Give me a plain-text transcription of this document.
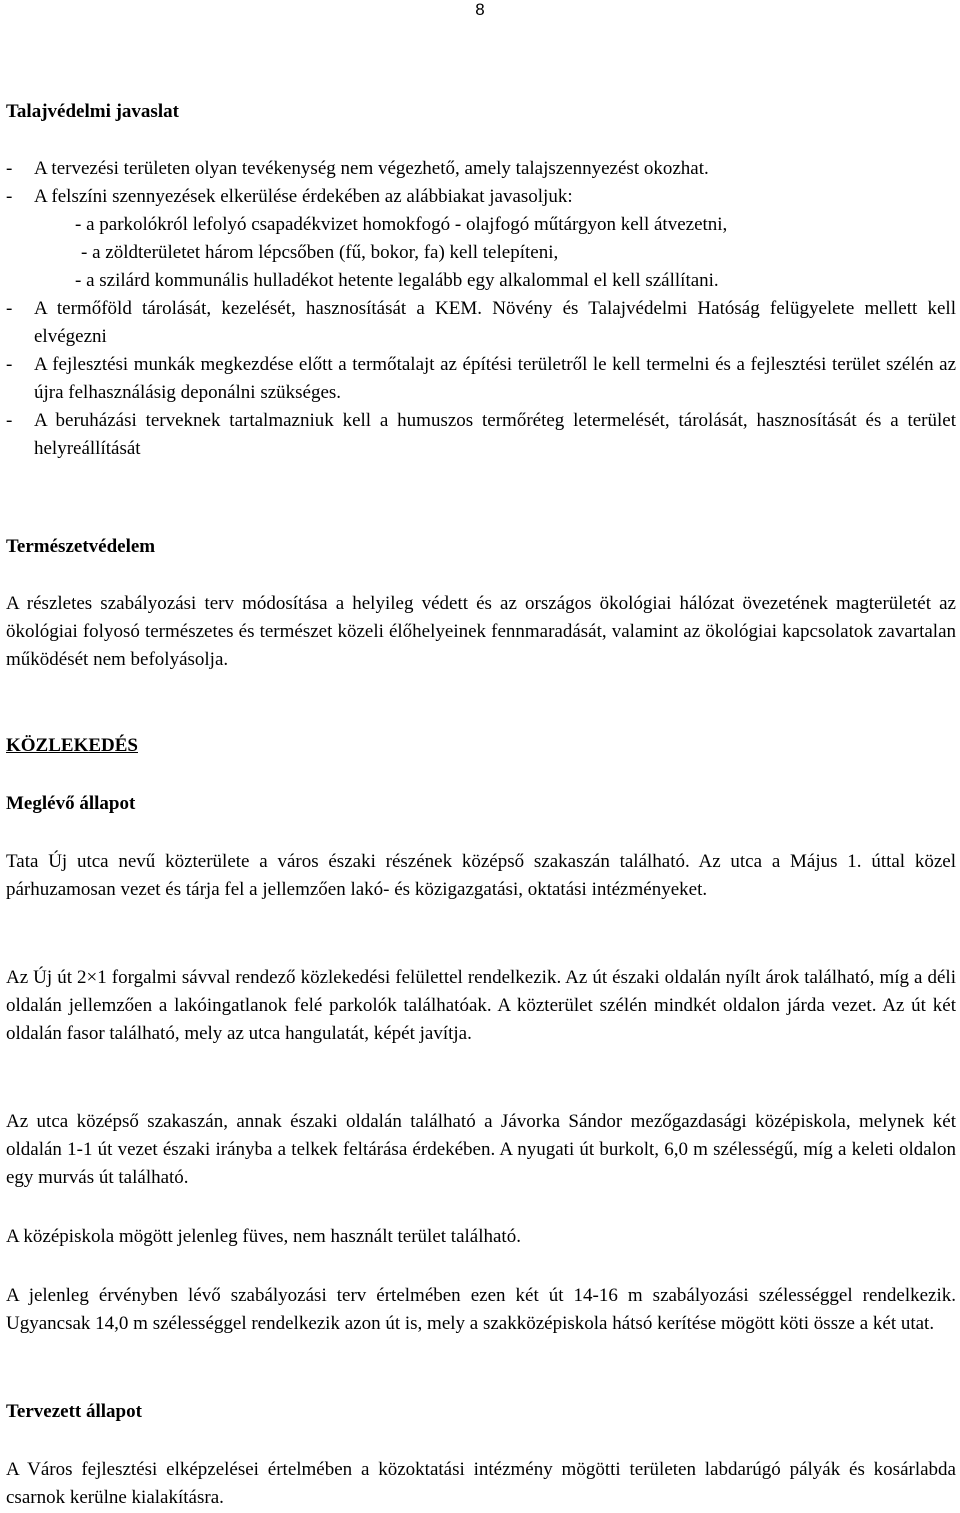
8
Talajvédelmi javaslat
- A tervezési területen olyan tevékenység nem végezhető, amely talajszennyezést okozhat.
- A felszíni szennyezések elkerülése érdekében az alábbiakat javasoljuk:
- a parkolókról lefolyó csapadékvizet homokfogó - olajfogó műtárgyon kell átvezetni,
- a zöldterületet három lépcsőben (fű, bokor, fa) kell telepíteni,
- a szilárd kommunális hulladékot hetente legalább egy alkalommal el kell szállítani.
- A termőföld tárolását, kezelését, hasznosítását a KEM. Növény és Talajvédelmi Hatóság felügyelete mellett kell elvégezni
- A fejlesztési munkák megkezdése előtt a termőtalajt az építési területről le kell termelni és a fejlesztési terület szélén az újra felhasználásig deponálni szükséges.
- A beruházási terveknek tartalmazniuk kell a humuszos termőréteg letermelését, tárolását, hasznosítását és a terület helyreállítását
Természetvédelem

A részletes szabályozási terv módosítása a helyileg védett és az országos ökológiai hálózat övezetének magterületét az ökológiai folyosó természetes és természet közeli élőhelyeinek fennmaradását, valamint az ökológiai kapcsolatok zavartalan működését nem befolyásolja.

KÖZLEKEDÉS
Meglévő állapot

Tata Új utca nevű közterülete a város északi részének középső szakaszán található. Az utca a Május 1. úttal közel párhuzamosan vezet és tárja fel a jellemzően lakó- és közigazgatási, oktatási intézményeket.

Az Új út 2×1 forgalmi sávval rendező közlekedési felülettel rendelkezik. Az út északi oldalán nyílt árok található, míg a déli oldalán jellemzően a lakóingatlanok felé parkolók találhatóak. A közterület szélén mindkét oldalon járda vezet. Az út két oldalán fasor található, mely az utca hangulatát, képét javítja.

Az utca középső szakaszán, annak északi oldalán található a Jávorka Sándor mezőgazdasági középiskola, melynek két oldalán 1-1 út vezet északi irányba a telkek feltárása érdekében. A nyugati út burkolt, 6,0 m szélességű, míg a keleti oldalon egy murvás út található.

A középiskola mögött jelenleg füves, nem használt terület található.

A jelenleg érvényben lévő szabályozási terv értelmében ezen két út 14-16 m szabályozási szélességgel rendelkezik. Ugyancsak 14,0 m szélességgel rendelkezik azon út is, mely a szakközépiskola hátsó kerítése mögött köti össze a két utat.

Tervezett állapot

A Város fejlesztési elképzelései értelmében a közoktatási intézmény mögötti területen labdarúgó pályák és kosárlabda csarnok kerülne kialakításra.
